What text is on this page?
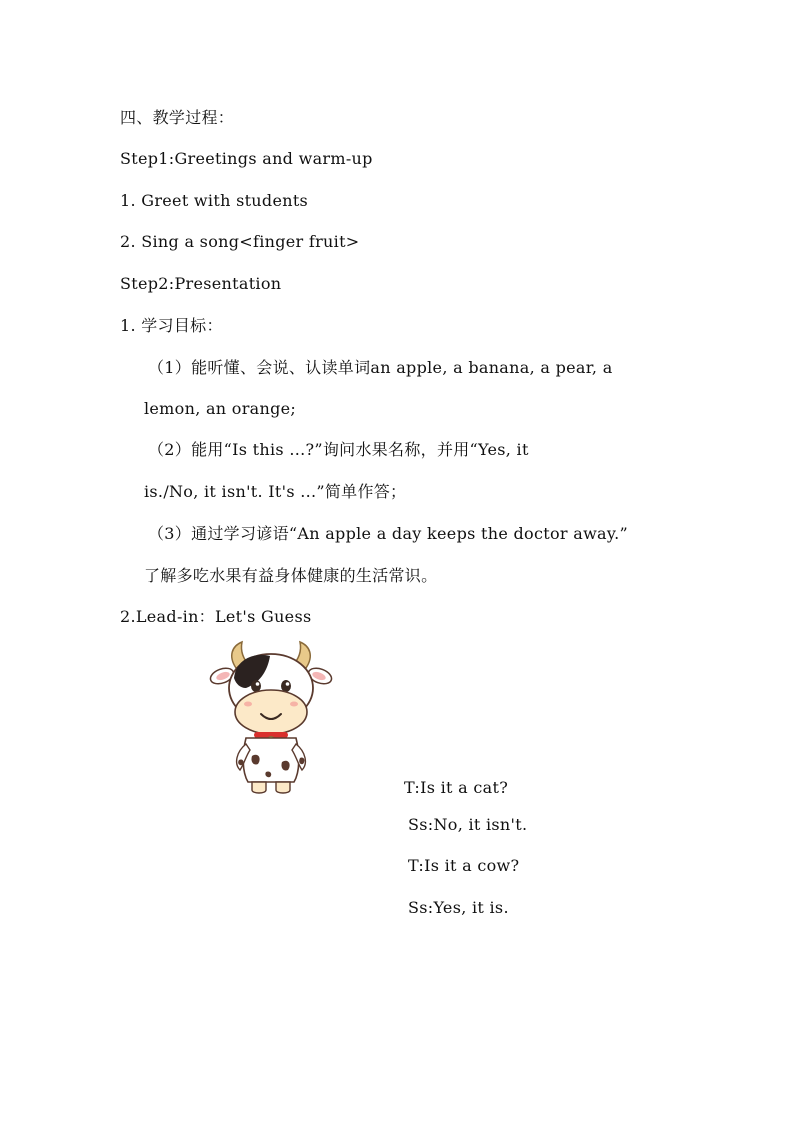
四、教学过程：
Step1:Greetings and warm-up
1. Greet with students
2. Sing a song<finger fruit>
Step2:Presentation
1. 学习目标：
（1）能听懂、会说、认读单词an apple, a banana, a pear, a
lemon, an orange;
（2）能用“Is this ...?”询问水果名称，并用“Yes, it
is./No, it isn't. It's ...”简单作答；
（3）通过学习谚语“An apple a day keeps the doctor away.”
了解多吃水果有益身体健康的生活常识。
2.Lead-in：Let's Guess
T:Is it a cat?
Ss:No, it isn't.
T:Is it a cow?
Ss:Yes, it is.
